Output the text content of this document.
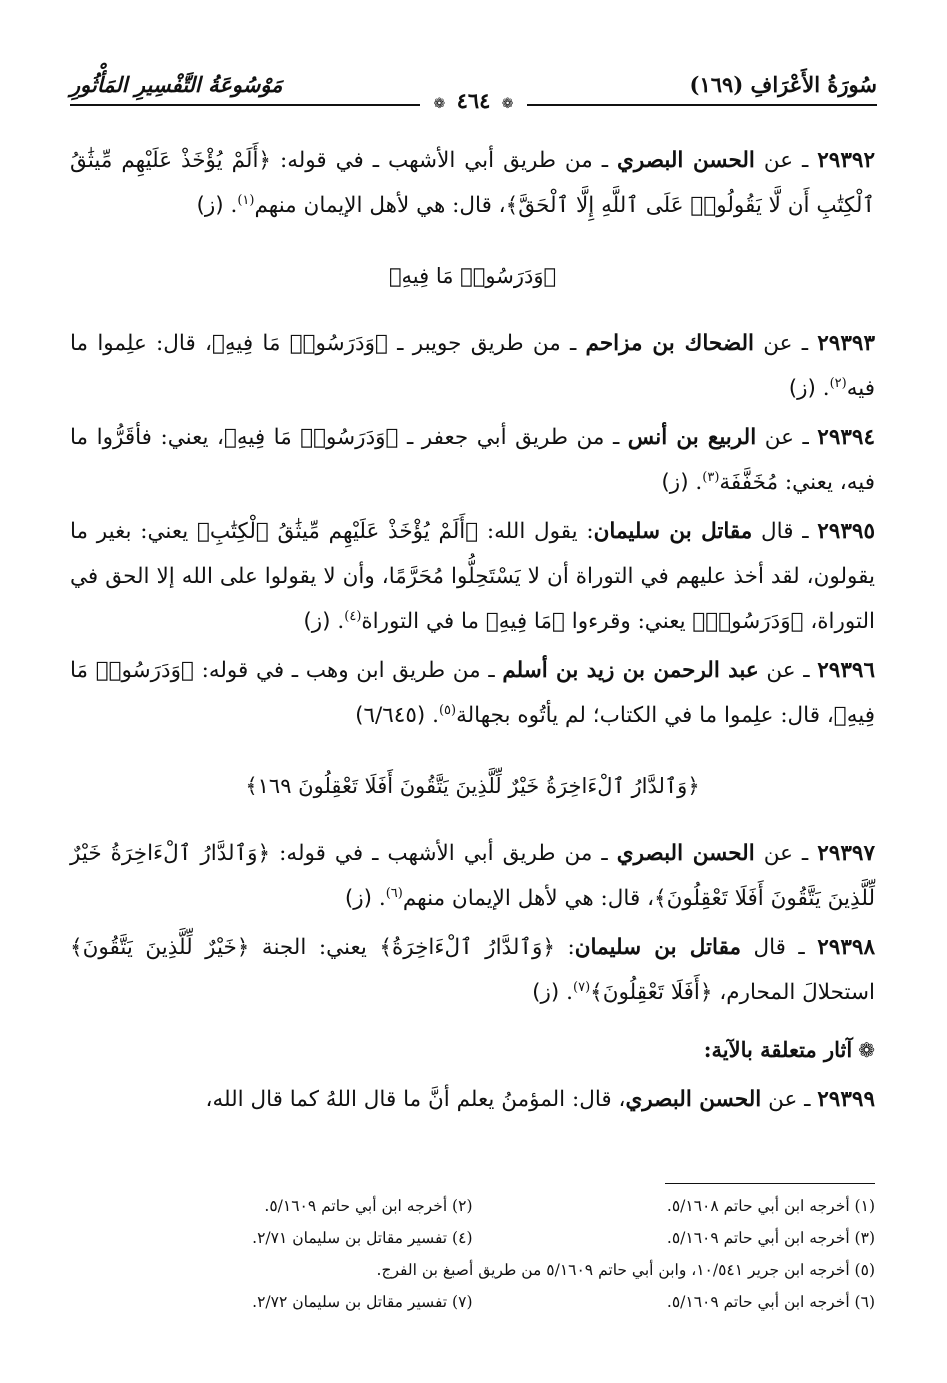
سُورَةُ الأَعْرَافِ (١٦٩)
مَوْسُوعَةُ التَّفْسِيرِ المَأْثُورِ
❁ ٤٦٤ ❁
٢٩٣٩٢ ـ عن الحسن البصري ـ من طريق أبي الأشهب ـ في قوله: ﴿أَلَمْ يُؤْخَذْ عَلَيْهِم مِّيثَٰقُ ٱلْكِتَٰبِ أَن لَّا يَقُولُوا۟ عَلَى ٱللَّهِ إِلَّا ٱلْحَقَّ﴾، قال: هي لأهل الإيمان منهم$^{(١)}$. (ز)
﴿وَدَرَسُوا۟ مَا فِيهِ﴾
٢٩٣٩٣ ـ عن الضحاك بن مزاحم ـ من طريق جويبر ـ ﴿وَدَرَسُوا۟ مَا فِيهِ﴾، قال: علِموا ما فيه$^{(٢)}$. (ز)
٢٩٣٩٤ ـ عن الربيع بن أنس ـ من طريق أبي جعفر ـ ﴿وَدَرَسُوا۟ مَا فِيهِ﴾، يعني: فأقَرُّوا ما فيه، يعني: مُخَفَّفَة$^{(٣)}$. (ز)
٢٩٣٩٥ ـ قال مقاتل بن سليمان: يقول الله: ﴿أَلَمْ يُؤْخَذْ عَلَيْهِم مِّيثَٰقُ ٱلْكِتَٰبِ﴾ يعني: بغير ما يقولون، لقد أخذ عليهم في التوراة أن لا يَسْتَحِلُّوا مُحَرَّمًا، وأن لا يقولوا على الله إلا الحق في التوراة، ﴿وَدَرَسُوا۟﴾ يعني: وقرءوا ﴿مَا فِيهِ﴾ ما في التوراة$^{(٤)}$. (ز)
٢٩٣٩٦ ـ عن عبد الرحمن بن زيد بن أسلم ـ من طريق ابن وهب ـ في قوله: ﴿وَدَرَسُوا۟ مَا فِيهِ﴾، قال: علِموا ما في الكتاب؛ لم يأتُوه بجهالة$^{(٥)}$. (٦/٦٤٥)
﴿وَٱلدَّارُ ٱلْءَاخِرَةُ خَيْرٌ لِّلَّذِينَ يَتَّقُونَ أَفَلَا تَعْقِلُونَ ١٦٩﴾
٢٩٣٩٧ ـ عن الحسن البصري ـ من طريق أبي الأشهب ـ في قوله: ﴿وَٱلدَّارُ ٱلْءَاخِرَةُ خَيْرٌ لِّلَّذِينَ يَتَّقُونَ أَفَلَا تَعْقِلُونَ﴾، قال: هي لأهل الإيمان منهم$^{(٦)}$. (ز)
٢٩٣٩٨ ـ قال مقاتل بن سليمان: ﴿وَٱلدَّارُ ٱلْءَاخِرَةُ﴾ يعني: الجنة ﴿خَيْرٌ لِّلَّذِينَ يَتَّقُونَ﴾ استحلالَ المحارم، ﴿أَفَلَا تَعْقِلُونَ﴾$^{(٧)}$. (ز)
❁آثار متعلقة بالآية:
٢٩٣٩٩ ـ عن الحسن البصري، قال: المؤمنُ يعلم أنَّ ما قال اللهُ كما قال الله،
(١) أخرجه ابن أبي حاتم ٥/١٦٠٨.
(٢) أخرجه ابن أبي حاتم ٥/١٦٠٩.
(٣) أخرجه ابن أبي حاتم ٥/١٦٠٩.
(٤) تفسير مقاتل بن سليمان ٢/٧١.
(٥) أخرجه ابن جرير ١٠/٥٤١، وابن أبي حاتم ٥/١٦٠٩ من طريق أصبغ بن الفرج.
(٦) أخرجه ابن أبي حاتم ٥/١٦٠٩.
(٧) تفسير مقاتل بن سليمان ٢/٧٢.
